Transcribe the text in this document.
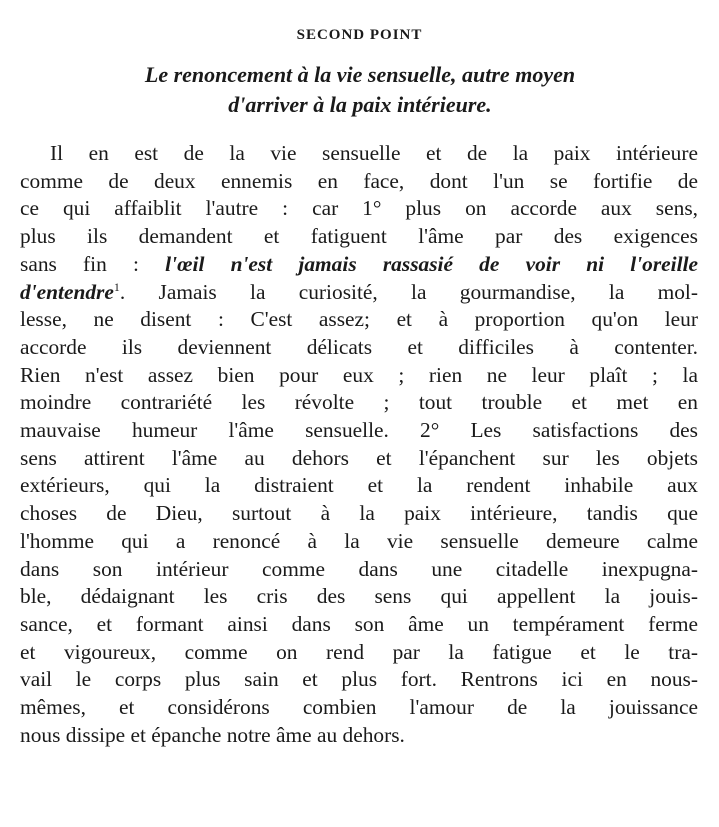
SECOND POINT
Le renoncement à la vie sensuelle, autre moyen
d'arriver à la paix intérieure.
Il en est de la vie sensuelle et de la paix intérieure
comme de deux ennemis en face, dont l'un se fortifie de
ce qui affaiblit l'autre : car 1° plus on accorde aux sens,
plus ils demandent et fatiguent l'âme par des exigences
sans fin : l'œil n'est jamais rassasié de voir ni l'oreille
d'entendre$^1$. Jamais la curiosité, la gourmandise, la mol-
lesse, ne disent : C'est assez; et à proportion qu'on leur
accorde ils deviennent délicats et difficiles à contenter.
Rien n'est assez bien pour eux ; rien ne leur plaît ; la
moindre contrariété les révolte ; tout trouble et met en
mauvaise humeur l'âme sensuelle. 2° Les satisfactions des
sens attirent l'âme au dehors et l'épanchent sur les objets
extérieurs, qui la distraient et la rendent inhabile aux
choses de Dieu, surtout à la paix intérieure, tandis que
l'homme qui a renoncé à la vie sensuelle demeure calme
dans son intérieur comme dans une citadelle inexpugna-
ble, dédaignant les cris des sens qui appellent la jouis-
sance, et formant ainsi dans son âme un tempérament ferme
et vigoureux, comme on rend par la fatigue et le tra-
vail le corps plus sain et plus fort. Rentrons ici en nous-
mêmes, et considérons combien l'amour de la jouissance
nous dissipe et épanche notre âme au dehors.
